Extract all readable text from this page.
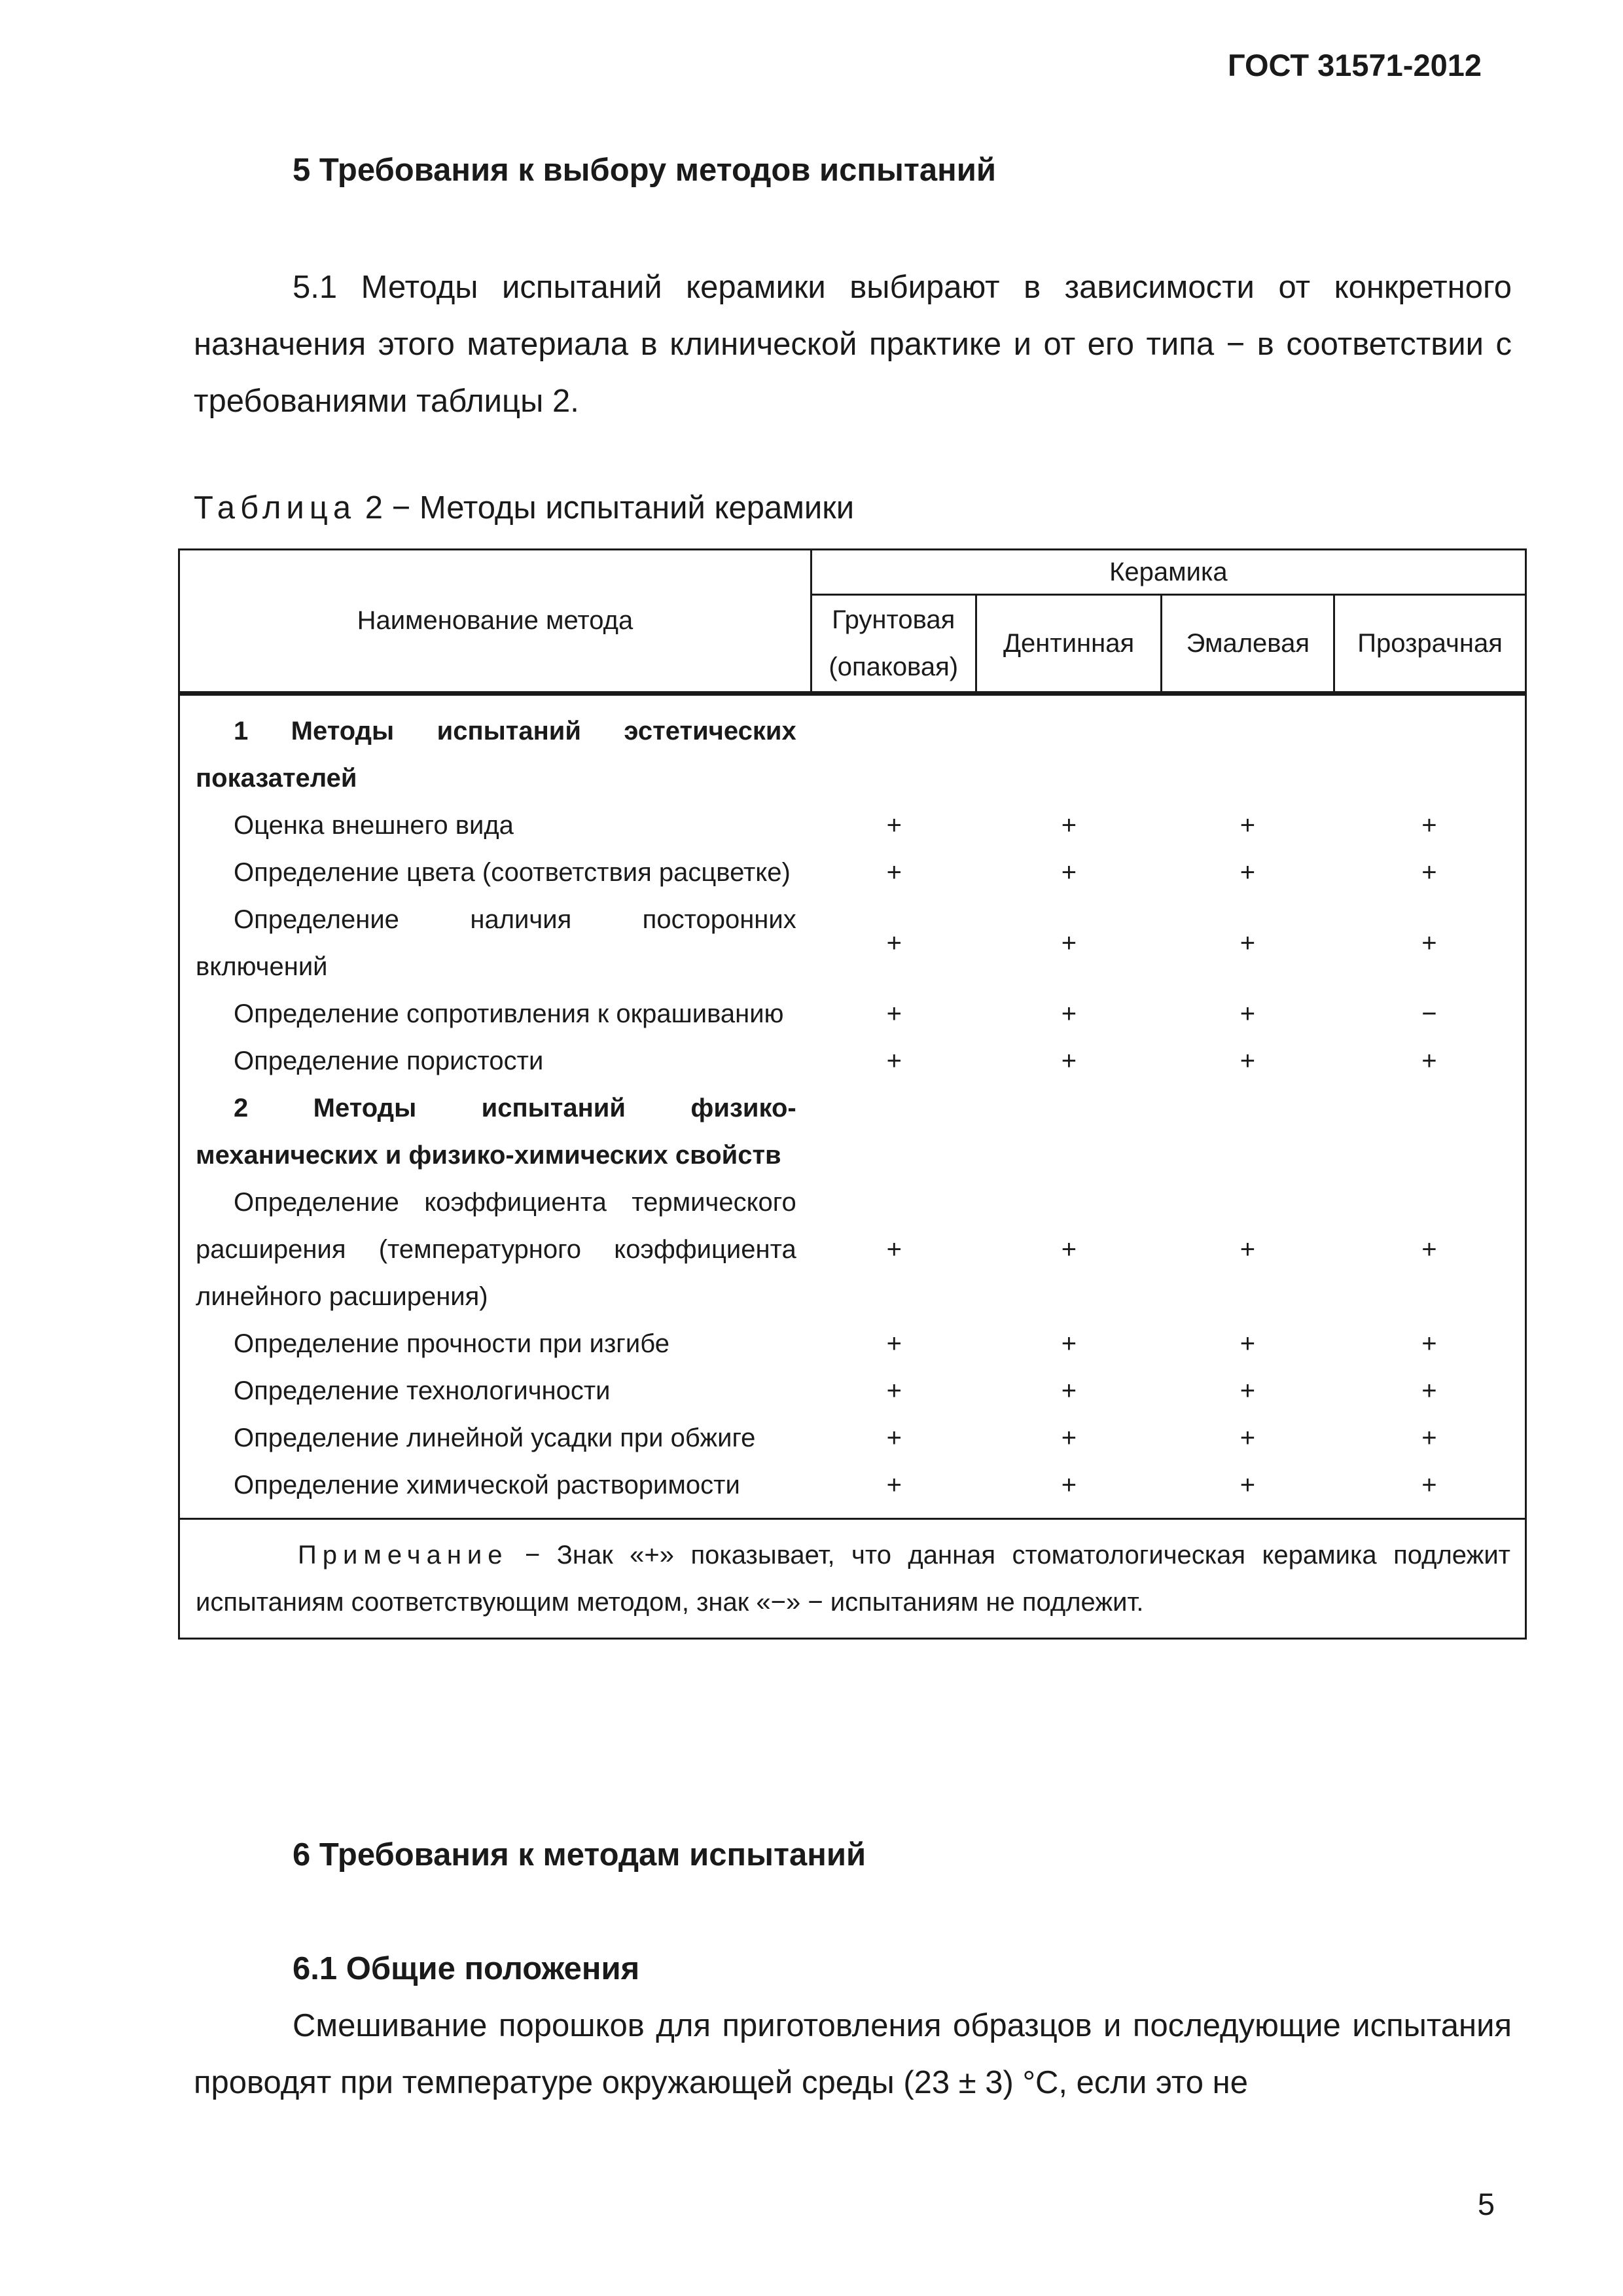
ГОСТ 31571-2012
5 Требования к выбору методов испытаний
5.1 Методы испытаний керамики выбирают в зависимости от конкретного назначения этого материала в клинической практике и от его типа − в соответствии с требованиями таблицы 2.
Таблица 2 − Методы испытаний керамики
Наименование метода	Керамика
Грунтовая (опаковая)	Дентинная	Эмалевая	Прозрачная

1 Методы испытаний эстетических показателей				
Оценка внешнего вида	+	+	+	+
Определение цвета (соответствия расцветке)	+	+	+	+
Определение наличия посторонних включений	+	+	+	+
Определение сопротивления к окрашиванию	+	+	+	−
Определение пористости	+	+	+	+
2 Методы испытаний физико-механических и физико-химических свойств				
Определение коэффициента термического расширения (температурного коэффициента линейного расширения)	+	+	+	+
Определение прочности при изгибе	+	+	+	+
Определение технологичности	+	+	+	+
Определение линейной усадки при обжиге	+	+	+	+
Определение химической растворимости	+	+	+	+

Примечание − Знак «+» показывает, что данная стоматологическая керамика подлежит испытаниям соответствующим методом, знак «−» − испытаниям не подлежит.
6 Требования к методам испытаний
6.1 Общие положения
Смешивание порошков для приготовления образцов и последующие испытания проводят при температуре окружающей среды (23 ± 3) °С, если это не
5
